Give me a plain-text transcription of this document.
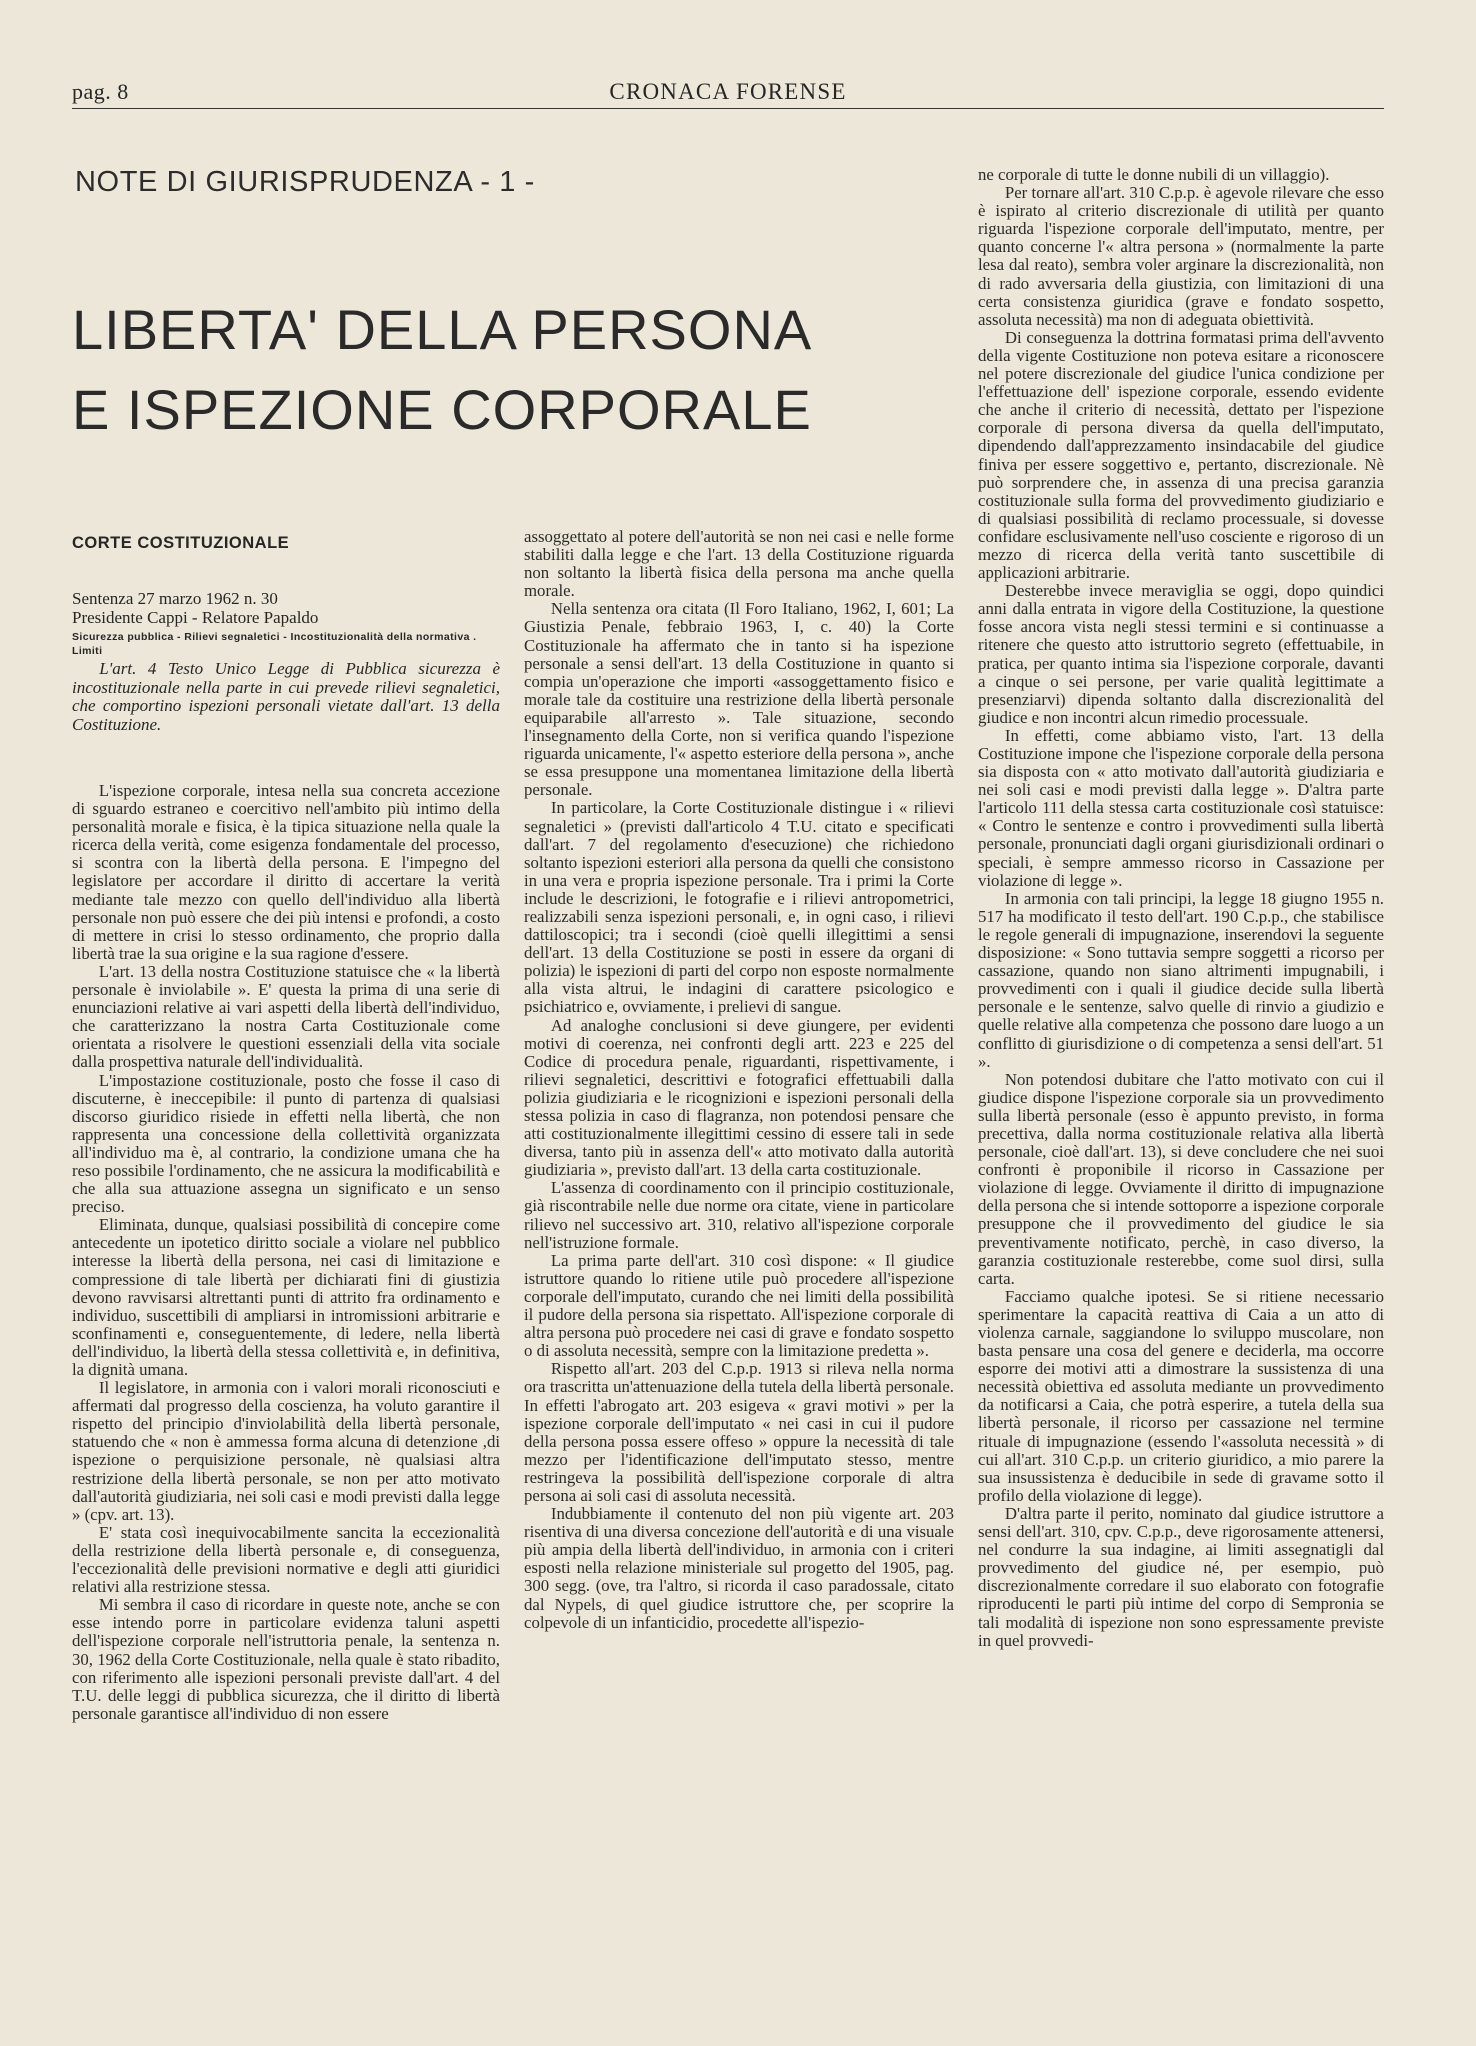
pag. 8	CRONACA FORENSE
NOTE DI GIURISPRUDENZA - 1 -
LIBERTA' DELLA PERSONA
E ISPEZIONE CORPORALE
CORTE COSTITUZIONALE
Sentenza 27 marzo 1962 n. 30
Presidente Cappi - Relatore Papaldo
Sicurezza pubblica - Rilievi segnaletici - Incostituzionalità della normativa . Limiti
L'art. 4 Testo Unico Legge di Pubblica sicurezza è incostituzionale nella parte in cui prevede rilievi segnaletici, che comportino ispezioni personali vietate dall'art. 13 della Costituzione.

L'ispezione corporale, intesa nella sua concreta accezione di sguardo estraneo e coercitivo nell'ambito più intimo della personalità morale e fisica, è la tipica situazione nella quale la ricerca della verità, come esigenza fondamentale del processo, si scontra con la libertà della persona. E l'impegno del legislatore per accordare il diritto di accertare la verità mediante tale mezzo con quello dell'individuo alla libertà personale non può essere che dei più intensi e profondi, a costo di mettere in crisi lo stesso ordinamento, che proprio dalla libertà trae la sua origine e la sua ragione d'essere.

L'art. 13 della nostra Costituzione statuisce che « la libertà personale è inviolabile ». E' questa la prima di una serie di enunciazioni relative ai vari aspetti della libertà dell'individuo, che caratterizzano la nostra Carta Costituzionale come orientata a risolvere le questioni essenziali della vita sociale dalla prospettiva naturale dell'individualità.

L'impostazione costituzionale, posto che fosse il caso di discuterne, è ineccepibile: il punto di partenza di qualsiasi discorso giuridico risiede in effetti nella libertà, che non rappresenta una concessione della collettività organizzata all'individuo ma è, al contrario, la condizione umana che ha reso possibile l'ordinamento, che ne assicura la modificabilità e che alla sua attuazione assegna un significato e un senso preciso.

Eliminata, dunque, qualsiasi possibilità di concepire come antecedente un ipotetico diritto sociale a violare nel pubblico interesse la libertà della persona, nei casi di limitazione e compressione di tale libertà per dichiarati fini di giustizia devono ravvisarsi altrettanti punti di attrito fra ordinamento e individuo, suscettibili di ampliarsi in intromissioni arbitrarie e sconfinamenti e, conseguentemente, di ledere, nella libertà dell'individuo, la libertà della stessa collettività e, in definitiva, la dignità umana.

Il legislatore, in armonia con i valori morali riconosciuti e affermati dal progresso della coscienza, ha voluto garantire il rispetto del principio d'inviolabilità della libertà personale, statuendo che « non è ammessa forma alcuna di detenzione ,di ispezione o perquisizione personale, nè qualsiasi altra restrizione della libertà personale, se non per atto motivato dall'autorità giudiziaria, nei soli casi e modi previsti dalla legge » (cpv. art. 13).

E' stata così inequivocabilmente sancita la eccezionalità della restrizione della libertà personale e, di conseguenza, l'eccezionalità delle previsioni normative e degli atti giuridici relativi alla restrizione stessa.

Mi sembra il caso di ricordare in queste note, anche se con esse intendo porre in particolare evidenza taluni aspetti dell'ispezione corporale nell'istruttoria penale, la sentenza n. 30, 1962 della Corte Costituzionale, nella quale è stato ribadito, con riferimento alle ispezioni personali previste dall'art. 4 del T.U. delle leggi di pubblica sicurezza, che il diritto di libertà personale garantisce all'individuo di non essere

assoggettato al potere dell'autorità se non nei casi e nelle forme stabiliti dalla legge e che l'art. 13 della Costituzione riguarda non soltanto la libertà fisica della persona ma anche quella morale.

Nella sentenza ora citata (Il Foro Italiano, 1962, I, 601; La Giustizia Penale, febbraio 1963, I, c. 40) la Corte Costituzionale ha affermato che in tanto si ha ispezione personale a sensi dell'art. 13 della Costituzione in quanto si compia un'operazione che importi «assoggettamento fisico e morale tale da costituire una restrizione della libertà personale equiparabile all'arresto ». Tale situazione, secondo l'insegnamento della Corte, non si verifica quando l'ispezione riguarda unicamente, l'« aspetto esteriore della persona », anche se essa presuppone una momentanea limitazione della libertà personale.

In particolare, la Corte Costituzionale distingue i « rilievi segnaletici » (previsti dall'articolo 4 T.U. citato e specificati dall'art. 7 del regolamento d'esecuzione) che richiedono soltanto ispezioni esteriori alla persona da quelli che consistono in una vera e propria ispezione personale. Tra i primi la Corte include le descrizioni, le fotografie e i rilievi antropometrici, realizzabili senza ispezioni personali, e, in ogni caso, i rilievi dattiloscopici; tra i secondi (cioè quelli illegittimi a sensi dell'art. 13 della Costituzione se posti in essere da organi di polizia) le ispezioni di parti del corpo non esposte normalmente alla vista altrui, le indagini di carattere psicologico e psichiatrico e, ovviamente, i prelievi di sangue.

Ad analoghe conclusioni si deve giungere, per evidenti motivi di coerenza, nei confronti degli artt. 223 e 225 del Codice di procedura penale, riguardanti, rispettivamente, i rilievi segnaletici, descrittivi e fotografici effettuabili dalla polizia giudiziaria e le ricognizioni e ispezioni personali della stessa polizia in caso di flagranza, non potendosi pensare che atti costituzionalmente illegittimi cessino di essere tali in sede diversa, tanto più in assenza dell'« atto motivato dalla autorità giudiziaria », previsto dall'art. 13 della carta costituzionale.

L'assenza di coordinamento con il principio costituzionale, già riscontrabile nelle due norme ora citate, viene in particolare rilievo nel successivo art. 310, relativo all'ispezione corporale nell'istruzione formale.

La prima parte dell'art. 310 così dispone: « Il giudice istruttore quando lo ritiene utile può procedere all'ispezione corporale dell'imputato, curando che nei limiti della possibilità il pudore della persona sia rispettato. All'ispezione corporale di altra persona può procedere nei casi di grave e fondato sospetto o di assoluta necessità, sempre con la limitazione predetta ».

Rispetto all'art. 203 del C.p.p. 1913 si rileva nella norma ora trascritta un'attenuazione della tutela della libertà personale. In effetti l'abrogato art. 203 esigeva « gravi motivi » per la ispezione corporale dell'imputato « nei casi in cui il pudore della persona possa essere offeso » oppure la necessità di tale mezzo per l'identificazione dell'imputato stesso, mentre restringeva la possibilità dell'ispezione corporale di altra persona ai soli casi di assoluta necessità.

Indubbiamente il contenuto del non più vigente art. 203 risentiva di una diversa concezione dell'autorità e di una visuale più ampia della libertà dell'individuo, in armonia con i criteri esposti nella relazione ministeriale sul progetto del 1905, pag. 300 segg. (ove, tra l'altro, si ricorda il caso paradossale, citato dal Nypels, di quel giudice istruttore che, per scoprire la colpevole di un infanticidio, procedette all'ispezio-

ne corporale di tutte le donne nubili di un villaggio).

Per tornare all'art. 310 C.p.p. è agevole rilevare che esso è ispirato al criterio discrezionale di utilità per quanto riguarda l'ispezione corporale dell'imputato, mentre, per quanto concerne l'« altra persona » (normalmente la parte lesa dal reato), sembra voler arginare la discrezionalità, non di rado avversaria della giustizia, con limitazioni di una certa consistenza giuridica (grave e fondato sospetto, assoluta necessità) ma non di adeguata obiettività.

Di conseguenza la dottrina formatasi prima dell'avvento della vigente Costituzione non poteva esitare a riconoscere nel potere discrezionale del giudice l'unica condizione per l'effettuazione dell' ispezione corporale, essendo evidente che anche il criterio di necessità, dettato per l'ispezione corporale di persona diversa da quella dell'imputato, dipendendo dall'apprezzamento insindacabile del giudice finiva per essere soggettivo e, pertanto, discrezionale. Nè può sorprendere che, in assenza di una precisa garanzia costituzionale sulla forma del provvedimento giudiziario e di qualsiasi possibilità di reclamo processuale, si dovesse confidare esclusivamente nell'uso cosciente e rigoroso di un mezzo di ricerca della verità tanto suscettibile di applicazioni arbitrarie.

Desterebbe invece meraviglia se oggi, dopo quindici anni dalla entrata in vigore della Costituzione, la questione fosse ancora vista negli stessi termini e si continuasse a ritenere che questo atto istruttorio segreto (effettuabile, in pratica, per quanto intima sia l'ispezione corporale, davanti a cinque o sei persone, per varie qualità legittimate a presenziarvi) dipenda soltanto dalla discrezionalità del giudice e non incontri alcun rimedio processuale.

In effetti, come abbiamo visto, l'art. 13 della Costituzione impone che l'ispezione corporale della persona sia disposta con « atto motivato dall'autorità giudiziaria e nei soli casi e modi previsti dalla legge ». D'altra parte l'articolo 111 della stessa carta costituzionale così statuisce: « Contro le sentenze e contro i provvedimenti sulla libertà personale, pronunciati dagli organi giurisdizionali ordinari o speciali, è sempre ammesso ricorso in Cassazione per violazione di legge ».

In armonia con tali principi, la legge 18 giugno 1955 n. 517 ha modificato il testo dell'art. 190 C.p.p., che stabilisce le regole generali di impugnazione, inserendovi la seguente disposizione: « Sono tuttavia sempre soggetti a ricorso per cassazione, quando non siano altrimenti impugnabili, i provvedimenti con i quali il giudice decide sulla libertà personale e le sentenze, salvo quelle di rinvio a giudizio e quelle relative alla competenza che possono dare luogo a un conflitto di giurisdizione o di competenza a sensi dell'art. 51 ».

Non potendosi dubitare che l'atto motivato con cui il giudice dispone l'ispezione corporale sia un provvedimento sulla libertà personale (esso è appunto previsto, in forma precettiva, dalla norma costituzionale relativa alla libertà personale, cioè dall'art. 13), si deve concludere che nei suoi confronti è proponibile il ricorso in Cassazione per violazione di legge. Ovviamente il diritto di impugnazione della persona che si intende sottoporre a ispezione corporale presuppone che il provvedimento del giudice le sia preventivamente notificato, perchè, in caso diverso, la garanzia costituzionale resterebbe, come suol dirsi, sulla carta.

Facciamo qualche ipotesi. Se si ritiene necessario sperimentare la capacità reattiva di Caia a un atto di violenza carnale, saggiandone lo sviluppo muscolare, non basta pensare una cosa del genere e deciderla, ma occorre esporre dei motivi atti a dimostrare la sussistenza di una necessità obiettiva ed assoluta mediante un provvedimento da notificarsi a Caia, che potrà esperire, a tutela della sua libertà personale, il ricorso per cassazione nel termine rituale di impugnazione (essendo l'«assoluta necessità » di cui all'art. 310 C.p.p. un criterio giuridico, a mio parere la sua insussistenza è deducibile in sede di gravame sotto il profilo della violazione di legge).

D'altra parte il perito, nominato dal giudice istruttore a sensi dell'art. 310, cpv. C.p.p., deve rigorosamente attenersi, nel condurre la sua indagine, ai limiti assegnatigli dal provvedimento del giudice né, per esempio, può discrezionalmente corredare il suo elaborato con fotografie riproducenti le parti più intime del corpo di Sempronia se tali modalità di ispezione non sono espressamente previste in quel provvedi-
